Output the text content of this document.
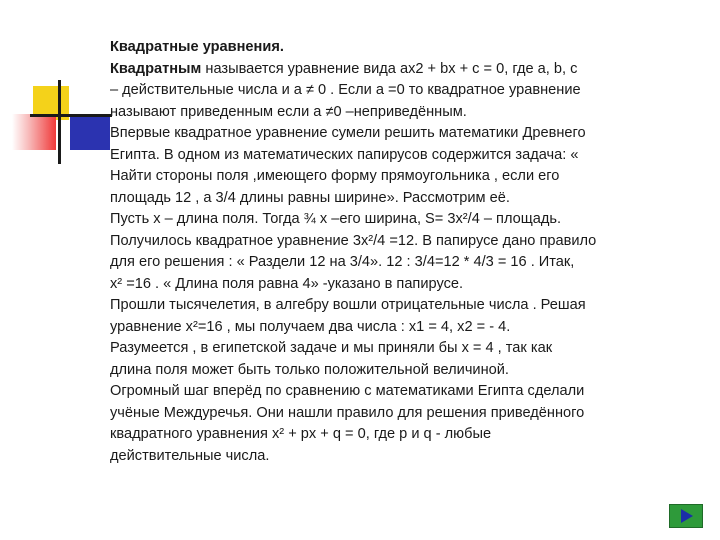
Квадратные уравнения.
Квадратным называется уравнение вида ax2 + bx + c = 0, где a, b, c
– действительные числа и a ≠ 0 . Если a =0 то квадратное уравнение
называют приведенным если a ≠0 –неприведённым.
Впервые квадратное уравнение сумели решить математики Древнего
Египта. В одном из математических папирусов содержится задача: «
Найти стороны поля ,имеющего форму прямоугольника , если его
площадь 12 , а 3/4 длины равны ширине». Рассмотрим её.
Пусть x – длина поля. Тогда ¾ x –его ширина, S= 3x²/4 – площадь.
Получилось квадратное уравнение 3x²/4 =12. В папирусе дано правило
для его решения : « Раздели 12 на 3/4». 12 : 3/4=12 * 4/3 = 16 . Итак,
x² =16 . « Длина поля равна 4» -указано в папирусе.
Прошли тысячелетия, в алгебру вошли отрицательные числа . Решая
уравнение x²=16 , мы получаем два числа : x1 = 4, x2 = - 4.
Разумеется , в египетской задаче и мы приняли бы x = 4 , так как
длина поля может быть только положительной величиной.
Огромный шаг вперёд по сравнению с математиками Египта сделали
учёные Междуречья. Они нашли правило для решения приведённого
квадратного уравнения x² + px + q = 0, где p и q - любые
действительные числа.
